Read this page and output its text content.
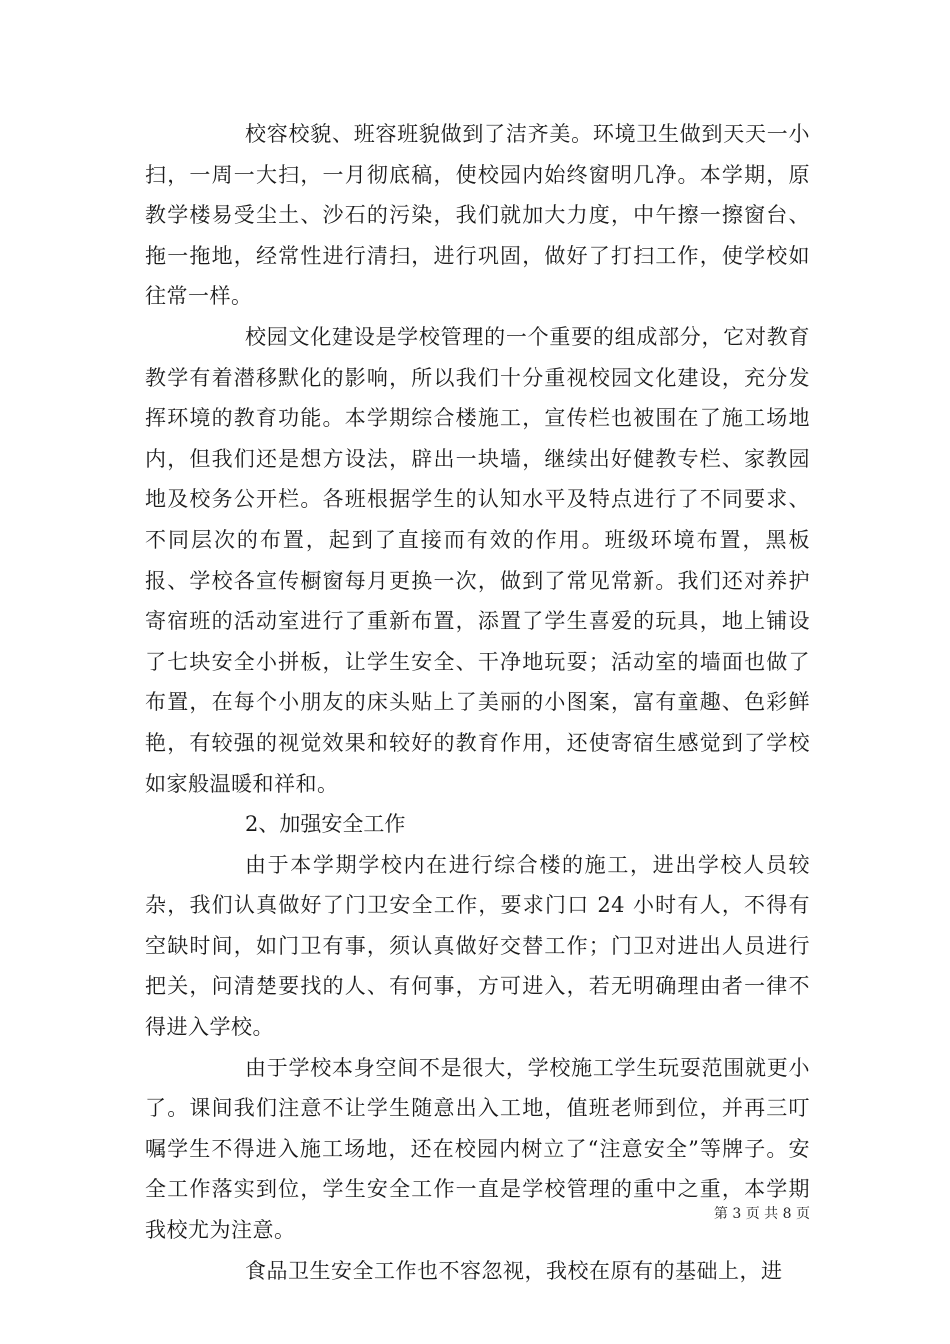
校容校貌、班容班貌做到了洁齐美。环境卫生做到天天一小扫，一周一大扫，一月彻底稿，使校园内始终窗明几净。本学期，原教学楼易受尘土、沙石的污染，我们就加大力度，中午擦一擦窗台、拖一拖地，经常性进行清扫，进行巩固，做好了打扫工作，使学校如往常一样。

校园文化建设是学校管理的一个重要的组成部分，它对教育教学有着潜移默化的影响，所以我们十分重视校园文化建设，充分发挥环境的教育功能。本学期综合楼施工，宣传栏也被围在了施工场地内，但我们还是想方设法，辟出一块墙，继续出好健教专栏、家教园地及校务公开栏。各班根据学生的认知水平及特点进行了不同要求、不同层次的布置，起到了直接而有效的作用。班级环境布置，黑板报、学校各宣传橱窗每月更换一次，做到了常见常新。我们还对养护寄宿班的活动室进行了重新布置，添置了学生喜爱的玩具，地上铺设了七块安全小拼板，让学生安全、干净地玩耍；活动室的墙面也做了布置，在每个小朋友的床头贴上了美丽的小图案，富有童趣、色彩鲜艳，有较强的视觉效果和较好的教育作用，还使寄宿生感觉到了学校如家般温暖和祥和。

2、加强安全工作

由于本学期学校内在进行综合楼的施工，进出学校人员较杂，我们认真做好了门卫安全工作，要求门口 24 小时有人，不得有空缺时间，如门卫有事，须认真做好交替工作；门卫对进出人员进行把关，问清楚要找的人、有何事，方可进入，若无明确理由者一律不得进入学校。

由于学校本身空间不是很大，学校施工学生玩耍范围就更小了。课间我们注意不让学生随意出入工地，值班老师到位，并再三叮嘱学生不得进入施工场地，还在校园内树立了“注意安全”等牌子。安全工作落实到位，学生安全工作一直是学校管理的重中之重，本学期我校尤为注意。

食品卫生安全工作也不容忽视，我校在原有的基础上，进

第 3 页 共 8 页
